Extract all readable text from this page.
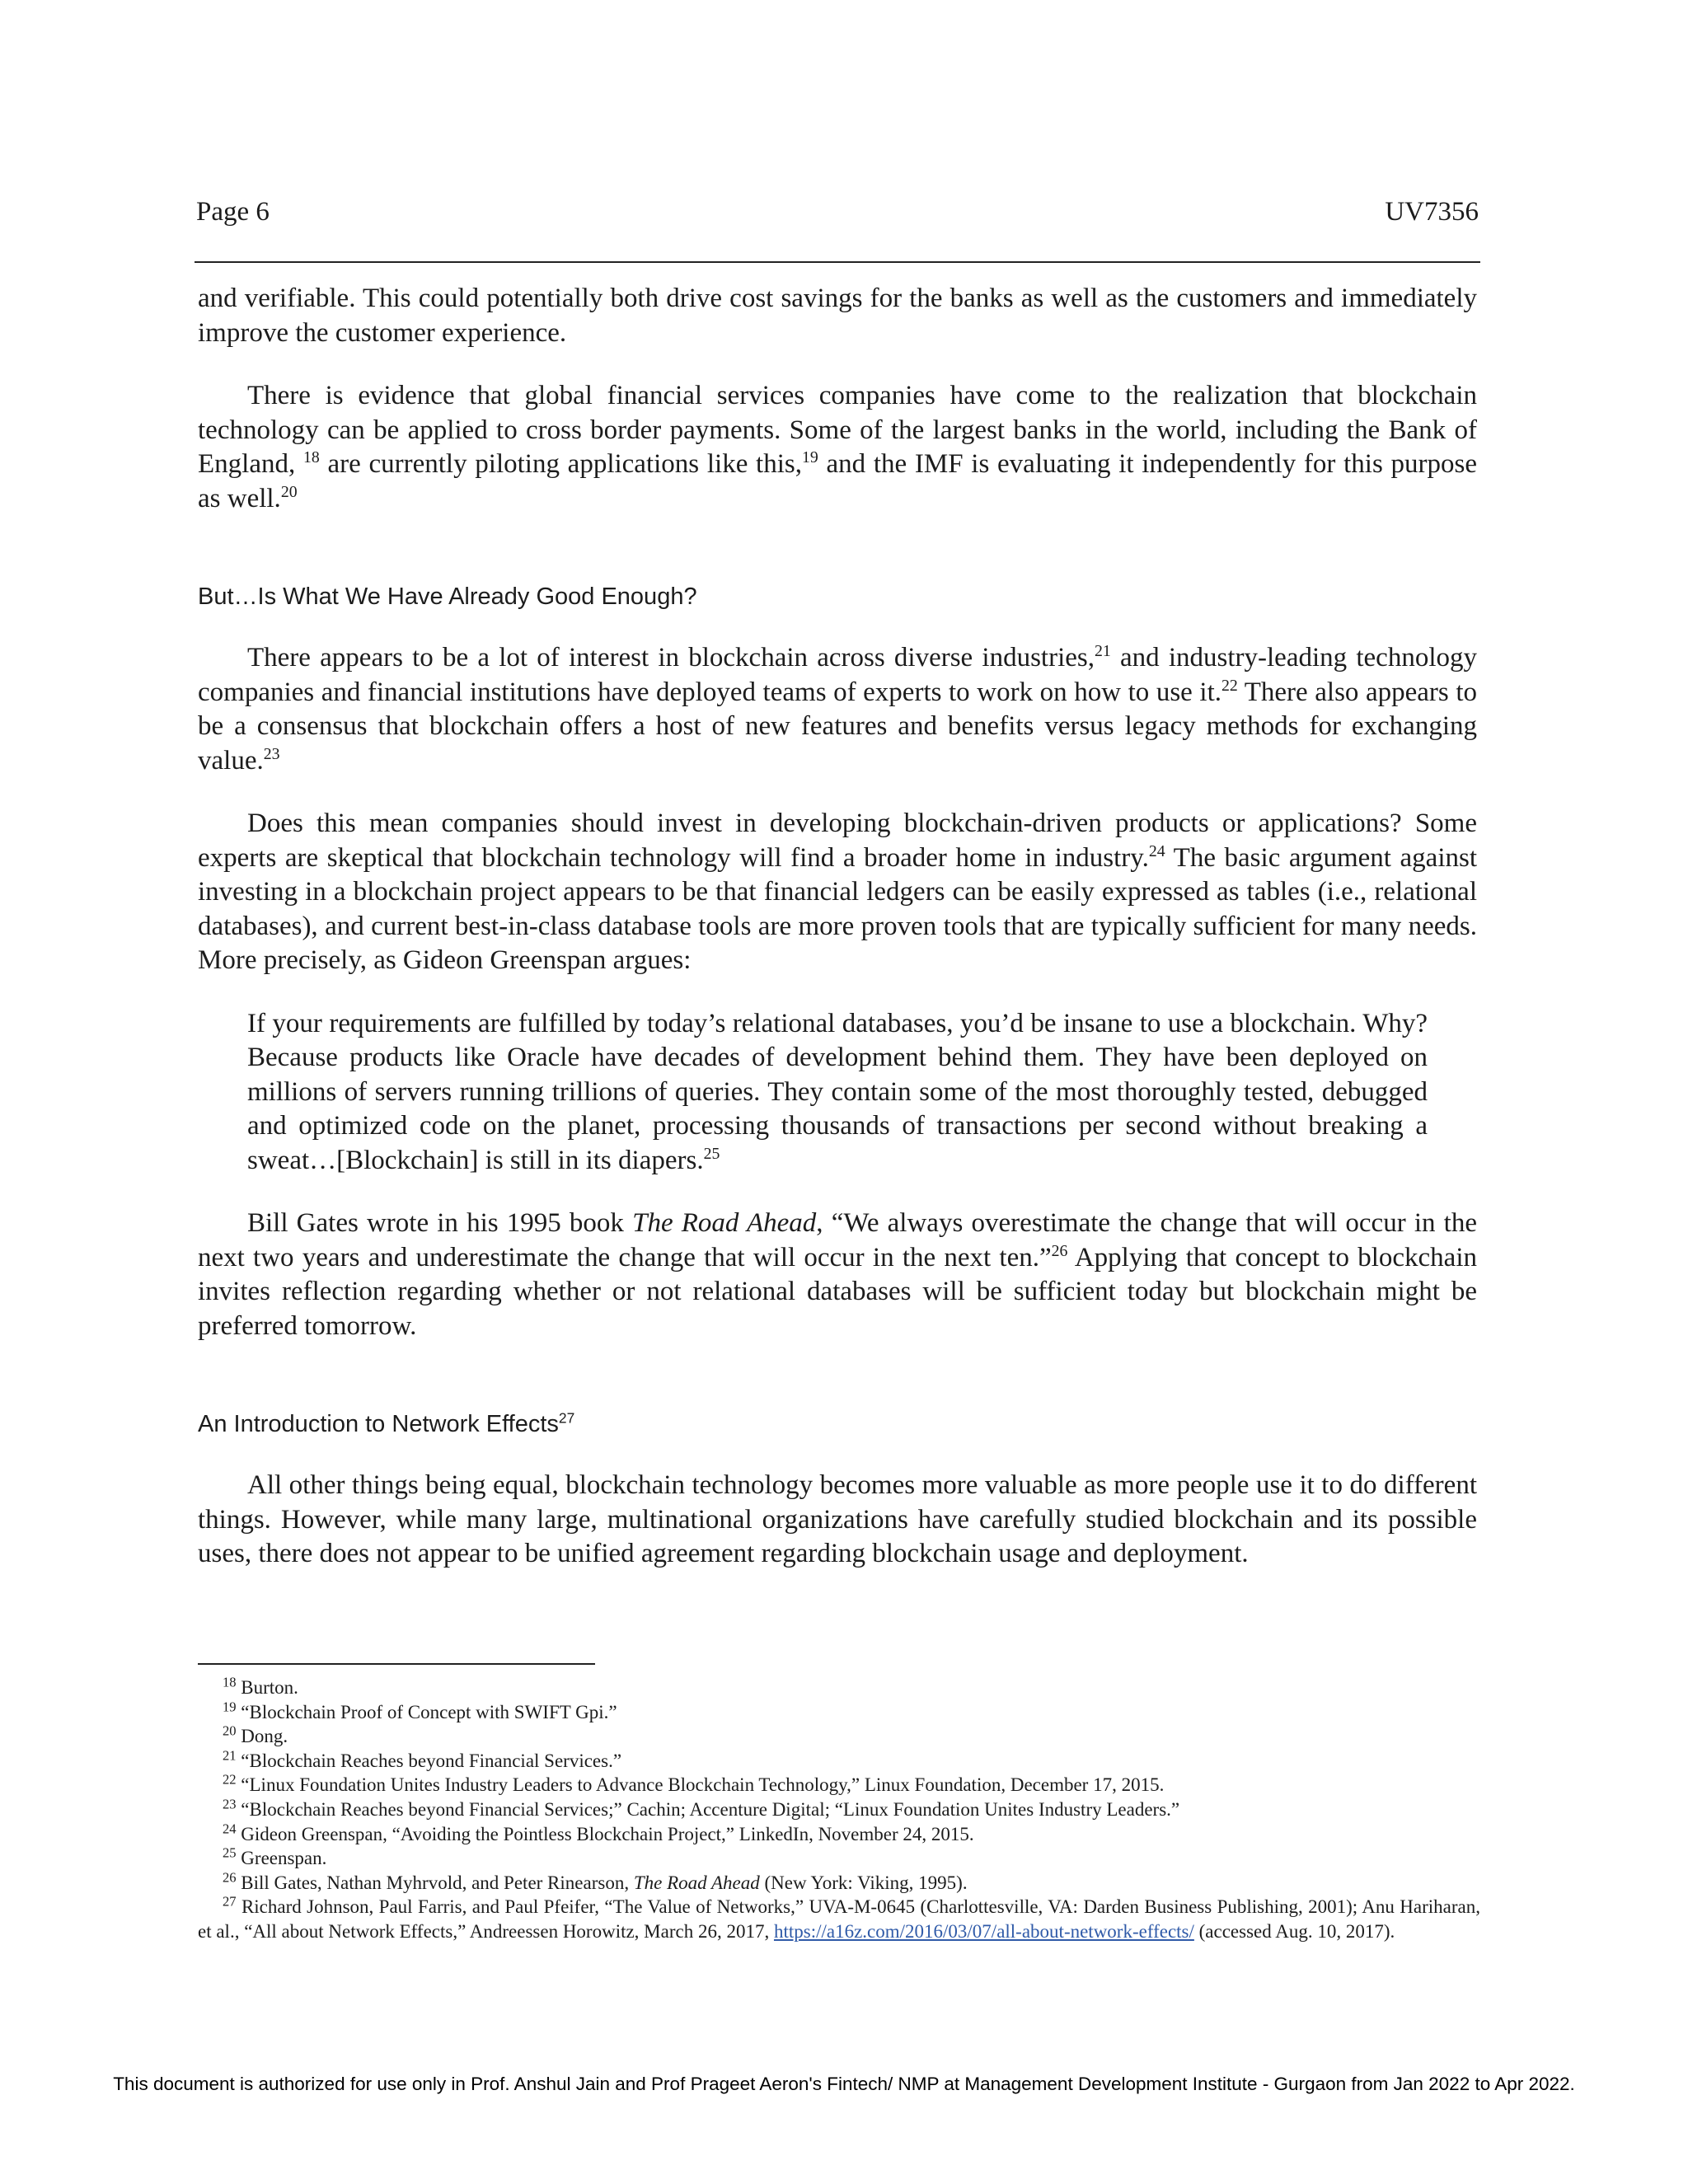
Page 6	UV7356

and verifiable. This could potentially both drive cost savings for the banks as well as the customers and immediately improve the customer experience.

There is evidence that global financial services companies have come to the realization that blockchain technology can be applied to cross border payments. Some of the largest banks in the world, including the Bank of England, $^{18}$ are currently piloting applications like this,$^{19}$ and the IMF is evaluating it independently for this purpose as well.$^{20}$

But…Is What We Have Already Good Enough?

There appears to be a lot of interest in blockchain across diverse industries,$^{21}$ and industry-leading technology companies and financial institutions have deployed teams of experts to work on how to use it.$^{22}$ There also appears to be a consensus that blockchain offers a host of new features and benefits versus legacy methods for exchanging value.$^{23}$

Does this mean companies should invest in developing blockchain-driven products or applications? Some experts are skeptical that blockchain technology will find a broader home in industry.$^{24}$ The basic argument against investing in a blockchain project appears to be that financial ledgers can be easily expressed as tables (i.e., relational databases), and current best-in-class database tools are more proven tools that are typically sufficient for many needs. More precisely, as Gideon Greenspan argues:

If your requirements are fulfilled by today’s relational databases, you’d be insane to use a blockchain. Why? Because products like Oracle have decades of development behind them. They have been deployed on millions of servers running trillions of queries. They contain some of the most thoroughly tested, debugged and optimized code on the planet, processing thousands of transactions per second without breaking a sweat…[Blockchain] is still in its diapers.$^{25}$

Bill Gates wrote in his 1995 book The Road Ahead, “We always overestimate the change that will occur in the next two years and underestimate the change that will occur in the next ten.”$^{26}$ Applying that concept to blockchain invites reflection regarding whether or not relational databases will be sufficient today but blockchain might be preferred tomorrow.

An Introduction to Network Effects$^{27}$

All other things being equal, blockchain technology becomes more valuable as more people use it to do different things. However, while many large, multinational organizations have carefully studied blockchain and its possible uses, there does not appear to be unified agreement regarding blockchain usage and deployment.

$^{18}$ Burton.

$^{19}$ “Blockchain Proof of Concept with SWIFT Gpi.”

$^{20}$ Dong.

$^{21}$ “Blockchain Reaches beyond Financial Services.”

$^{22}$ “Linux Foundation Unites Industry Leaders to Advance Blockchain Technology,” Linux Foundation, December 17, 2015.

$^{23}$ “Blockchain Reaches beyond Financial Services;” Cachin; Accenture Digital; “Linux Foundation Unites Industry Leaders.”

$^{24}$ Gideon Greenspan, “Avoiding the Pointless Blockchain Project,” LinkedIn, November 24, 2015.

$^{25}$ Greenspan.

$^{26}$ Bill Gates, Nathan Myhrvold, and Peter Rinearson, The Road Ahead (New York: Viking, 1995).

$^{27}$ Richard Johnson, Paul Farris, and Paul Pfeifer, “The Value of Networks,” UVA-M-0645 (Charlottesville, VA: Darden Business Publishing, 2001); Anu Hariharan, et al., “All about Network Effects,” Andreessen Horowitz, March 26, 2017, https://a16z.com/2016/03/07/all-about-network-effects/ (accessed Aug. 10, 2017).

This document is authorized for use only in Prof. Anshul Jain and Prof Prageet Aeron's Fintech/ NMP at Management Development Institute - Gurgaon from Jan 2022 to Apr 2022.
